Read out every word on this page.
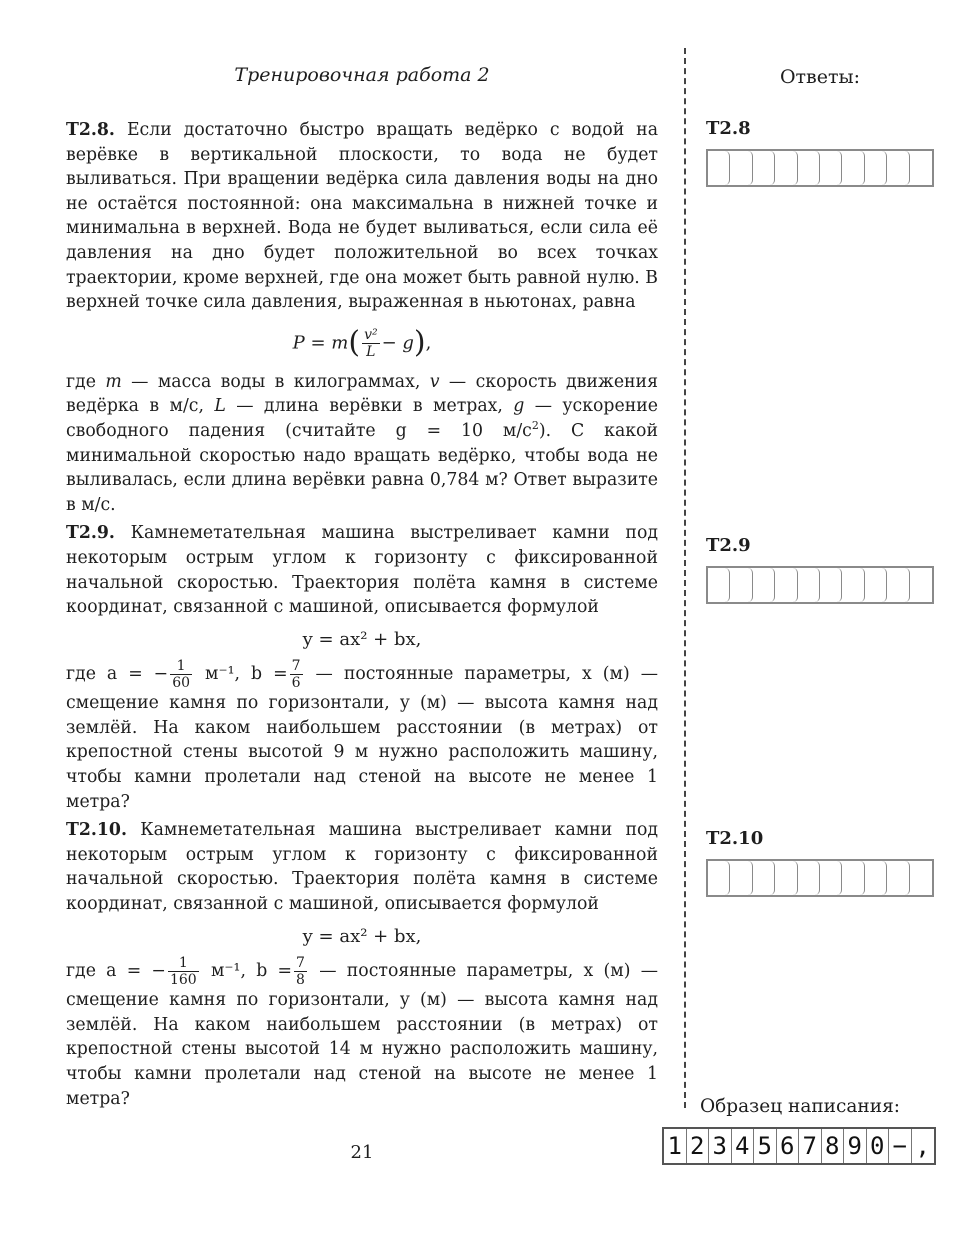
Тренировочная работа 2	Ответы:

Т2.8. Если достаточно быстро вращать ведёрко с водой на верёвке в вертикальной плоскости, то вода не будет выливаться. При вращении ведёрка сила давления воды на дно не остаётся постоянной: она максимальна в нижней точке и минимальна в верхней. Вода не будет выливаться, если сила её давления на дно будет положительной во всех точках траектории, кроме верхней, где она может быть равной нулю. В верхней точке сила давления, выраженная в ньютонах, равна

$P = m( \frac{\text{v²}}{L} - g)$,

где m — масса воды в килограммах, v — скорость движения ведёрка в м/с, L — длина верёвки в метрах, g — ускорение свободного падения (считайте g = 10 $м/с^2$). С какой минимальной скоростью надо вращать ведёрко, чтобы вода не выливалась, если длина верёвки равна 0,784 м? Ответ выразите в м/с.

Т2.9. Камнеметательная машина выстреливает камни под некоторым острым углом к горизонту с фиксированной начальной скоростью. Траектория полёта камня в системе координат, связанной с машиной, описывается формулой

y = ax² + bx,

где a = − $\frac{1}{60} м^{-1}$, $b = \frac{7}{6}$ — постоянные параметры, x (м) — смещение камня по горизонтали, y (м) — высота камня над землёй. На каком наибольшем расстоянии (в метрах) от крепостной стены высотой 9 м нужно расположить машину, чтобы камни пролетали над стеной на высоте не менее 1 метра?

Т2.10. Камнеметательная машина выстреливает камни под некоторым острым углом к горизонту с фиксированной начальной скоростью. Траектория полёта камня в системе координат, связанной с машиной, описывается формулой

y = ax² + bx,

где a = − $\frac{1}{160} м^{-1}$, $b = \frac{7}{8}$ — постоянные параметры, x (м) — смещение камня по горизонтали, y (м) — высота камня над землёй. На каком наибольшем расстоянии (в метрах) от крепостной стены высотой 14 м нужно расположить машину, чтобы камни пролетали над стеной на высоте не менее 1 метра?

Т2.8
Т2.9
Т2.10
Образец написания:
1 2 3 4 5 6 7 8 9 0 − ,
21
